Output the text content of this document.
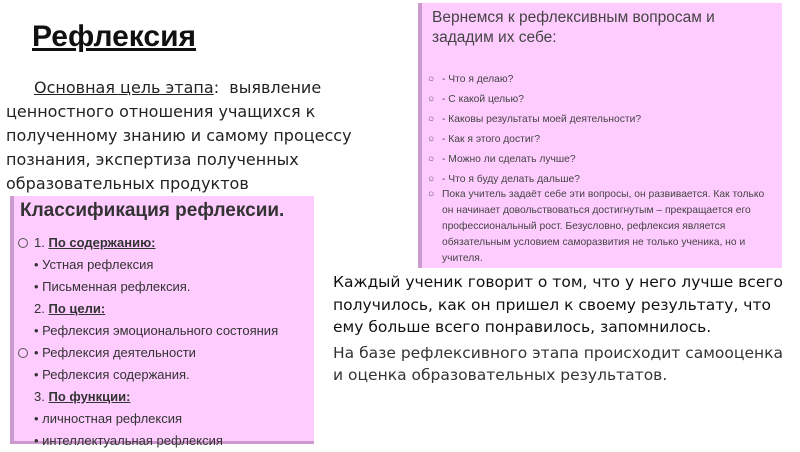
Рефлексия
Основная цель этапа: выявление ценностного отношения учащихся к полученному знанию и самому процессу познания, экспертиза полученных образовательных продуктов
Вернемся к рефлексивным вопросам и зададим их себе:
○ - Что я делаю?
○ - С какой целью?
○ - Каковы результаты моей деятельности?
○ - Как я этого достиг?
○ - Можно ли сделать лучше?
○ - Что я буду делать дальше?
○ Пока учитель задаёт себе эти вопросы, он развивается. Как только
он начинает довольствоваться достигнутым – прекращается его профессиональный рост. Безусловно, рефлексия является обязательным условием саморазвития не только ученика, но и учителя.
Классификация рефлексии.
1. По содержанию:
• Устная рефлексия
• Письменная рефлексия.
2. По цели:
• Рефлексия эмоционального состояния
• Рефлексия деятельности
• Рефлексия содержания.
3. По функции:
• личностная рефлексия
• интеллектуальная рефлексия

Каждый ученик говорит о том, что у него лучше всего получилось, как он пришел к своему результату, что ему больше всего понравилось, запомнилось.

На базе рефлексивного этапа происходит самооценка и оценка образовательных результатов.
